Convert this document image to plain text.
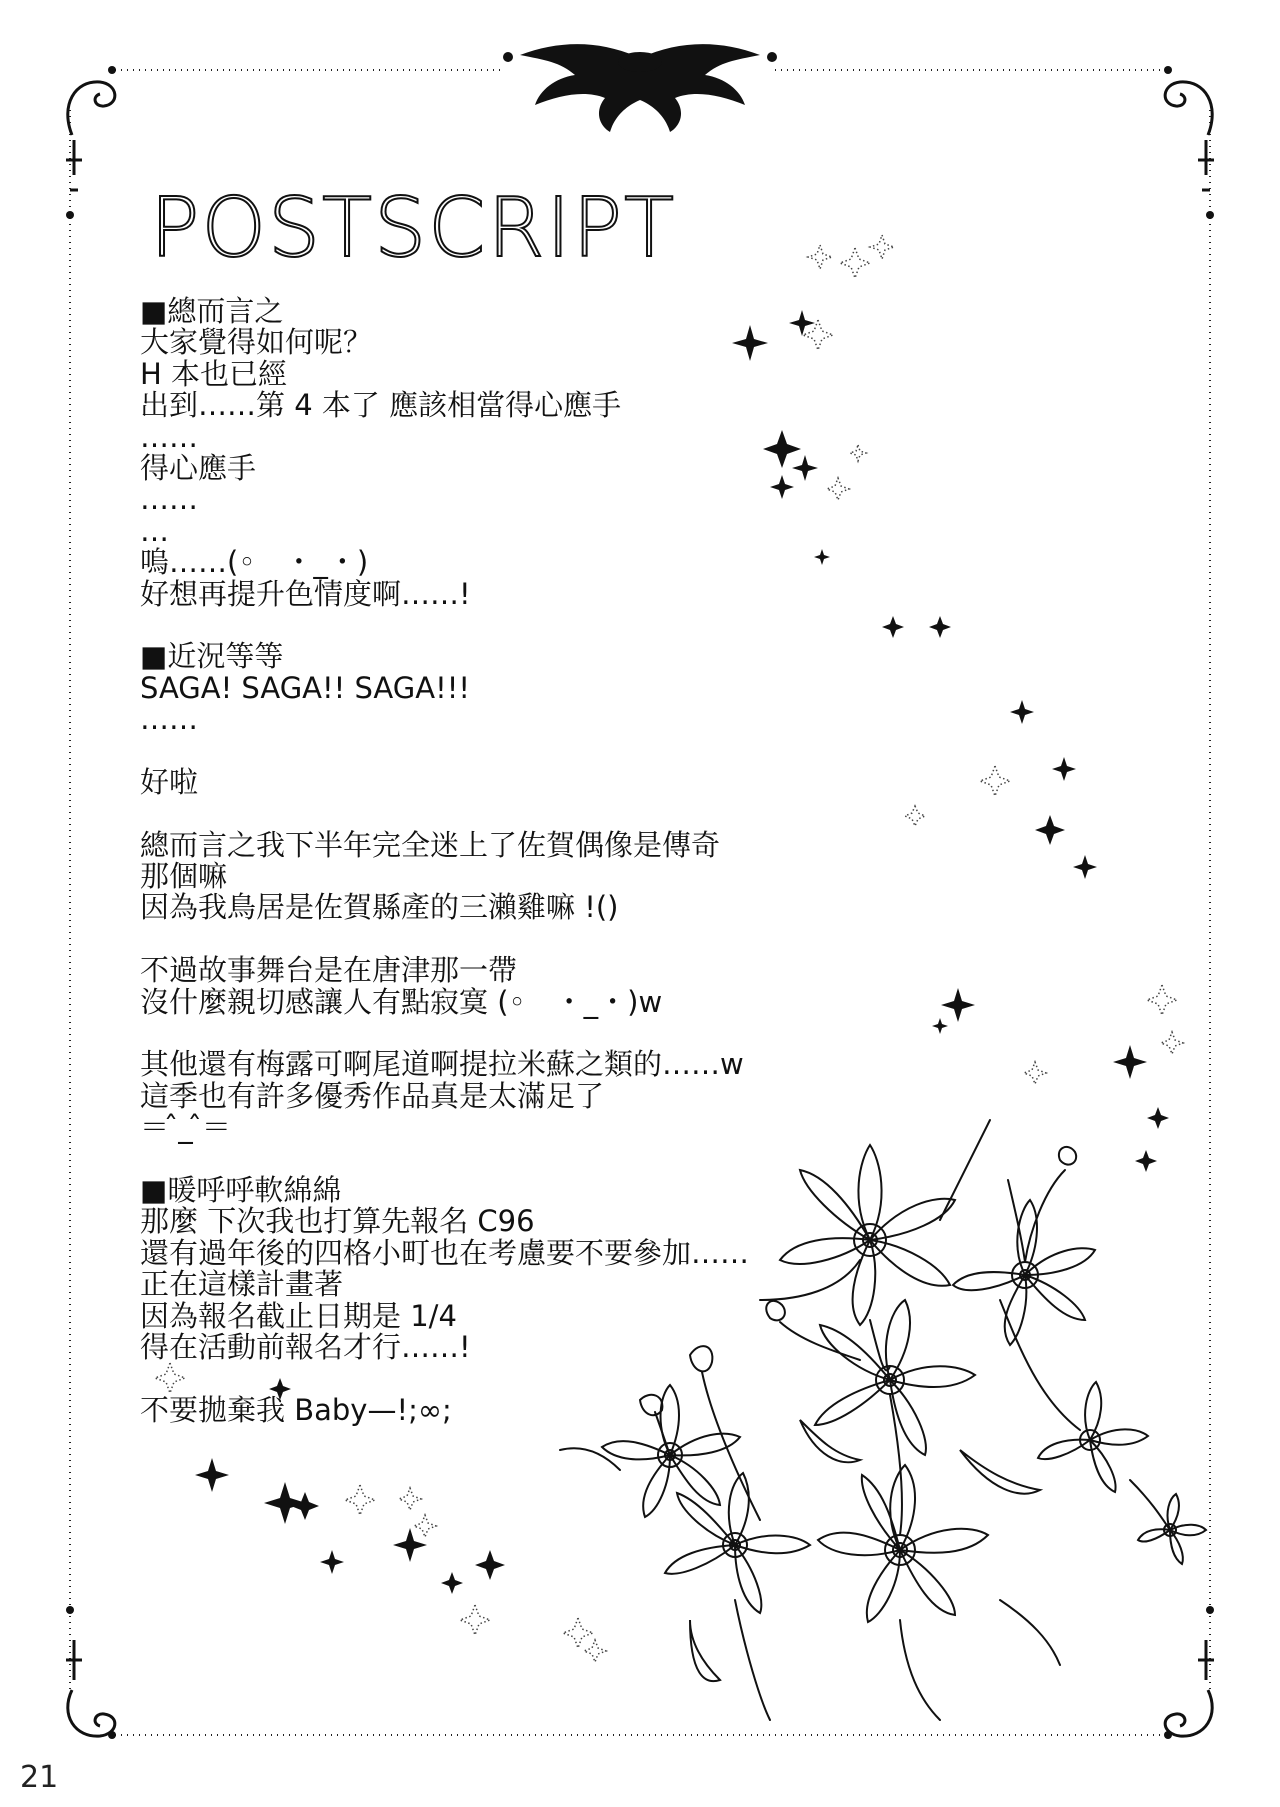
POSTSCRIPT
■總而言之
大家覺得如何呢？
H 本也已經
出到……第 4 本了 應該相當得心應手
……
得心應手
……
…
嗚……(◦　・_・)
好想再提升色情度啊……!
■近況等等
SAGA! SAGA!! SAGA!!!
……
好啦
總而言之我下半年完全迷上了佐賀偶像是傳奇
那個嘛
因為我鳥居是佐賀縣產的三瀨雞嘛 !()
不過故事舞台是在唐津那一帶
沒什麼親切感讓人有點寂寞 (◦　・_・)w
其他還有梅露可啊尾道啊提拉米蘇之類的……w
這季也有許多優秀作品真是太滿足了
＝ ̂_ ̂＝
■暖呼呼軟綿綿
那麼 下次我也打算先報名 C96
還有過年後的四格小町也在考慮要不要參加……
正在這樣計畫著
因為報名截止日期是 1/4
得在活動前報名才行……!
不要拋棄我 Baby—!;∞;
21
